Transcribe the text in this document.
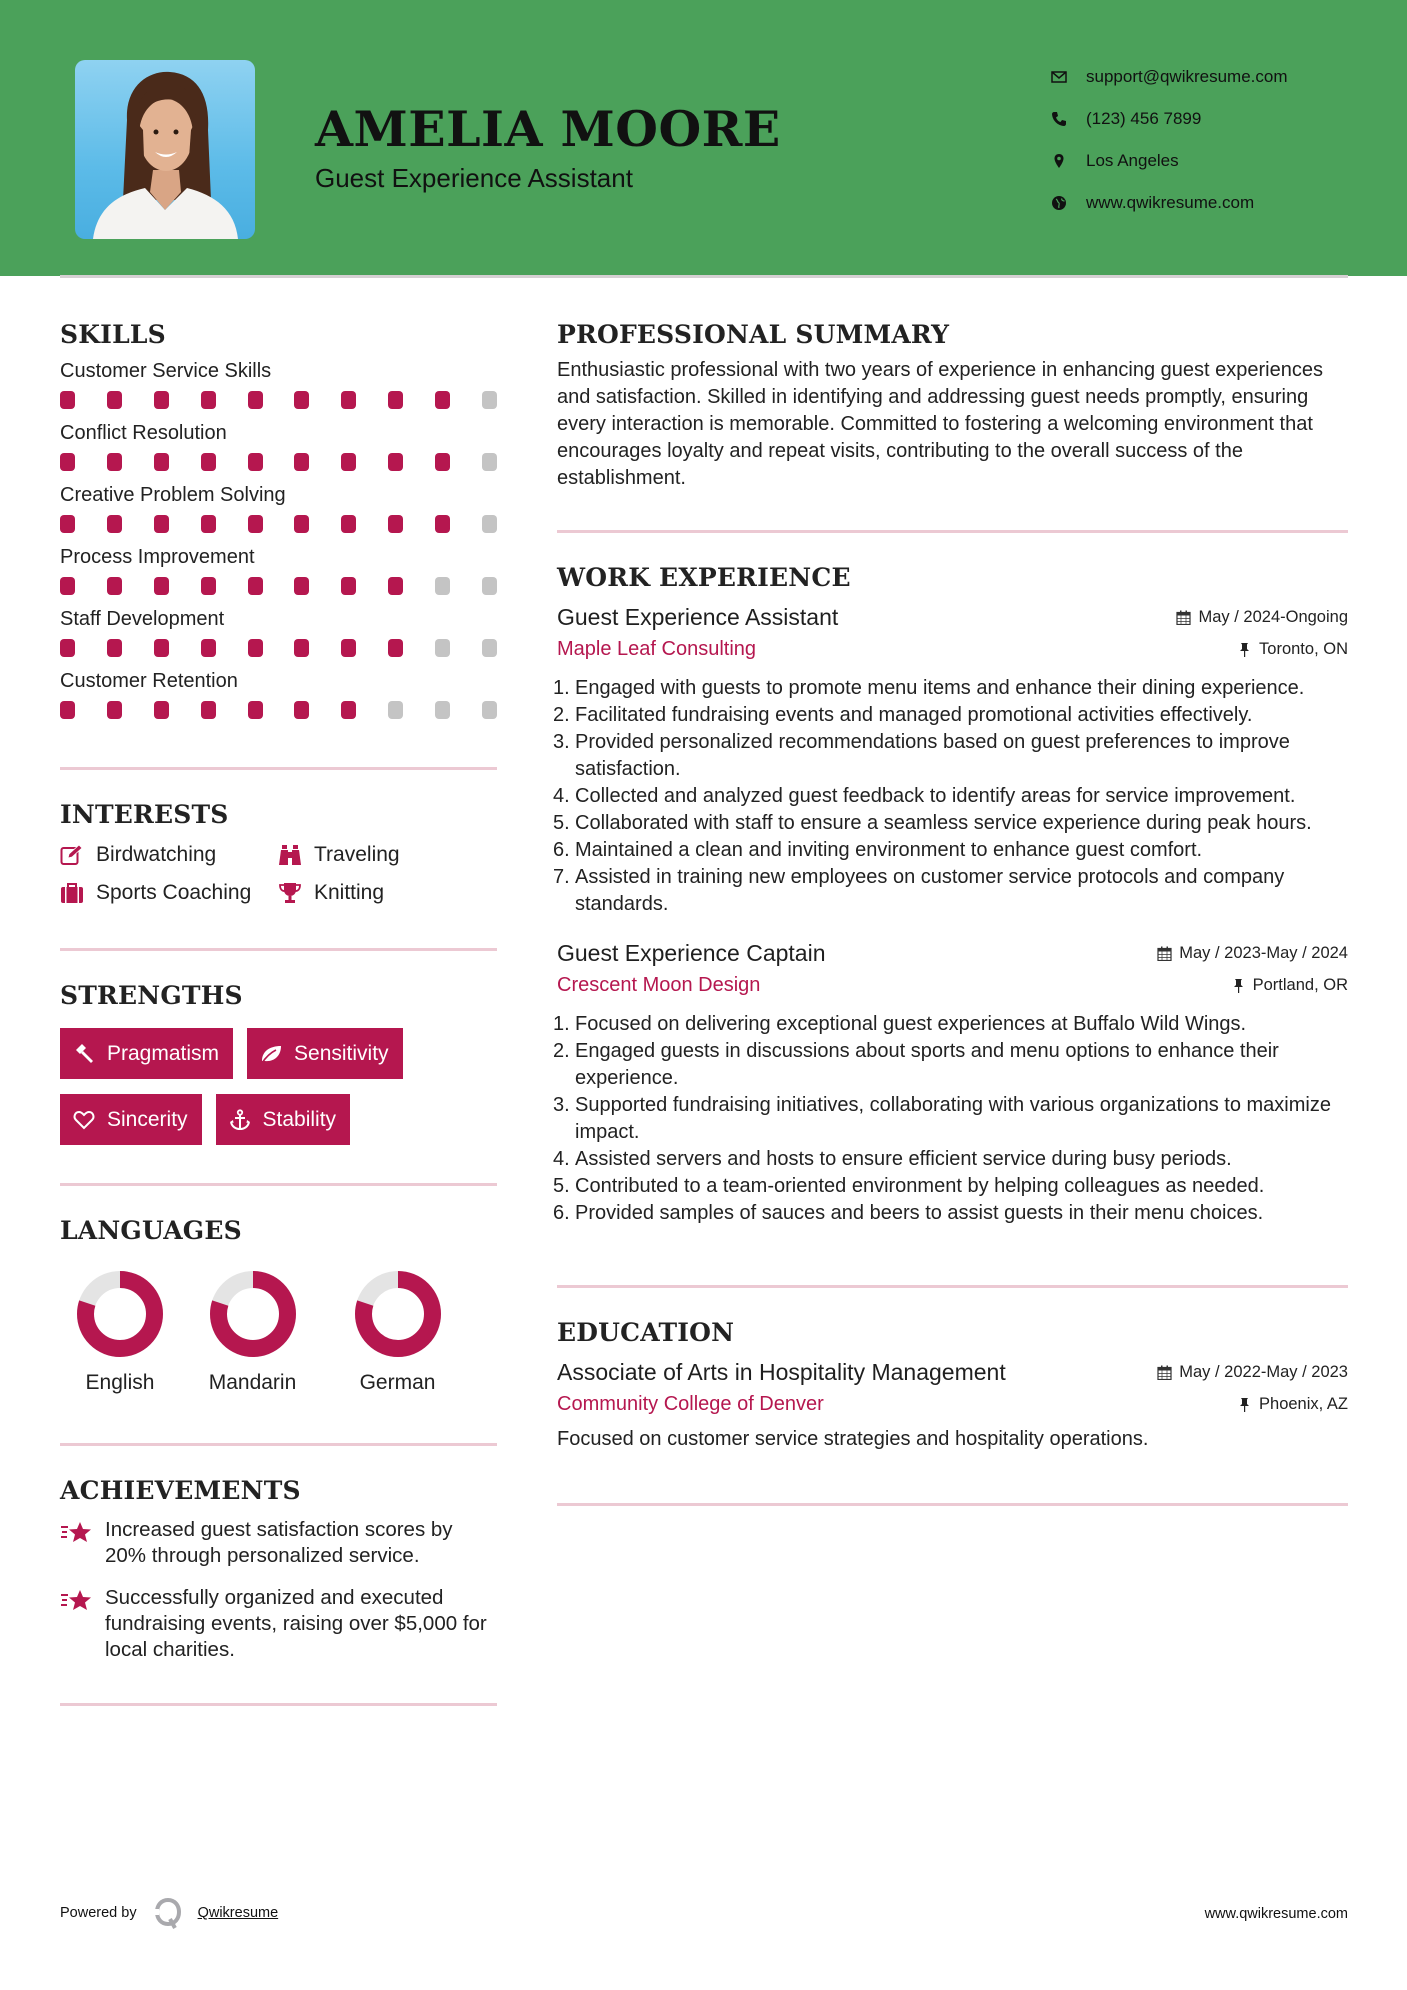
AMELIA MOORE
Guest Experience Assistant
support@qwikresume.com
(123) 456 7899
Los Angeles
www.qwikresume.com
SKILLS
Customer Service Skills
Conflict Resolution
Creative Problem Solving
Process Improvement
Staff Development
Customer Retention
INTERESTS
Birdwatching	Traveling
Sports Coaching	Knitting
STRENGTHS
Pragmatism	Sensitivity
Sincerity	Stability
LANGUAGES
English	Mandarin	German
ACHIEVEMENTS
Increased guest satisfaction scores by 20% through personalized service.
Successfully organized and executed fundraising events, raising over $5,000 for local charities.
PROFESSIONAL SUMMARY

Enthusiastic professional with two years of experience in enhancing guest experiences and satisfaction. Skilled in identifying and addressing guest needs promptly, ensuring every interaction is memorable. Committed to fostering a welcoming environment that encourages loyalty and repeat visits, contributing to the overall success of the establishment.

WORK EXPERIENCE
Guest Experience Assistant	May / 2024-Ongoing
Maple Leaf Consulting	Toronto, ON
Engaged with guests to promote menu items and enhance their dining experience.
Facilitated fundraising events and managed promotional activities effectively.
Provided personalized recommendations based on guest preferences to improve satisfaction.
Collected and analyzed guest feedback to identify areas for service improvement.
Collaborated with staff to ensure a seamless service experience during peak hours.
Maintained a clean and inviting environment to enhance guest comfort.
Assisted in training new employees on customer service protocols and company standards.
Guest Experience Captain	May / 2023-May / 2024
Crescent Moon Design	Portland, OR
Focused on delivering exceptional guest experiences at Buffalo Wild Wings.
Engaged guests in discussions about sports and menu options to enhance their experience.
Supported fundraising initiatives, collaborating with various organizations to maximize impact.
Assisted servers and hosts to ensure efficient service during busy periods.
Contributed to a team-oriented environment by helping colleagues as needed.
Provided samples of sauces and beers to assist guests in their menu choices.
EDUCATION
Associate of Arts in Hospitality Management	May / 2022-May / 2023
Community College of Denver	Phoenix, AZ

Focused on customer service strategies and hospitality operations.

Powered by	Qwikresume	www.qwikresume.com
